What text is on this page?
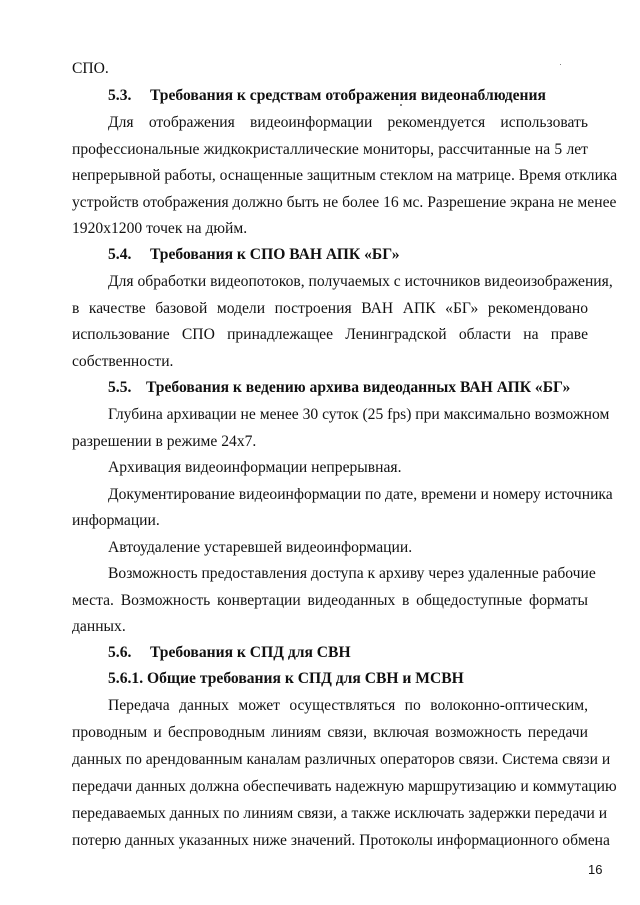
СПО.
5.3. Требования к средствам отображения видеонаблюдения
Для отображения видеоинформации рекомендуется использовать
профессиональные жидкокристаллические мониторы, рассчитанные на 5 лет
непрерывной работы, оснащенные защитным стеклом на матрице. Время отклика
устройств отображения должно быть не более 16 мс. Разрешение экрана не менее
1920x1200 точек на дюйм.
5.4. Требования к СПО ВАН АПК «БГ»
Для обработки видеопотоков, получаемых с источников видеоизображения,
в качестве базовой модели построения ВАН АПК «БГ» рекомендовано
использование СПО принадлежащее Ленинградской области на праве
собственности.
5.5. Требования к ведению архива видеоданных ВАН АПК «БГ»
Глубина архивации не менее 30 суток (25 fps) при максимально возможном
разрешении в режиме 24x7.
Архивация видеоинформации непрерывная.
Документирование видеоинформации по дате, времени и номеру источника
информации.
Автоудаление устаревшей видеоинформации.
Возможность предоставления доступа к архиву через удаленные рабочие
места. Возможность конвертации видеоданных в общедоступные форматы
данных.
5.6. Требования к СПД для СВН
5.6.1. Общие требования к СПД для СВН и МСВН
Передача данных может осуществляться по волоконно-оптическим,
проводным и беспроводным линиям связи, включая возможность передачи
данных по арендованным каналам различных операторов связи. Система связи и
передачи данных должна обеспечивать надежную маршрутизацию и коммутацию
передаваемых данных по линиям связи, а также исключать задержки передачи и
потерю данных указанных ниже значений. Протоколы информационного обмена
16
